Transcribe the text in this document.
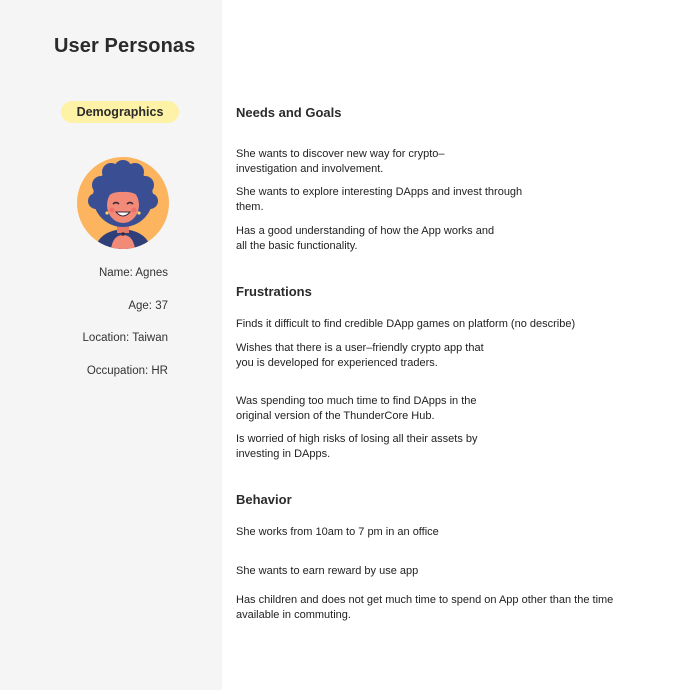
User Personas
Demographics
Name: Agnes
Age: 37
Location: Taiwan
Occupation: HR
Needs and Goals
She wants to discover new way for crypto–
investigation and involvement.
She wants to explore interesting DApps and invest through
them.
Has a good understanding of how the App works and
all the basic functionality.
Frustrations
Finds it difficult to find credible DApp games on platform (no describe)
Wishes that there is a user–friendly crypto app that
you is developed for experienced traders.
Was spending too much time to find DApps in the
original version of the ThunderCore Hub.
Is worried of high risks of losing all their assets by
investing in DApps.
Behavior
She works from 10am to 7 pm in an office
She wants to earn reward by use app
Has children and does not get much time to spend on App other than the time
available in commuting.
